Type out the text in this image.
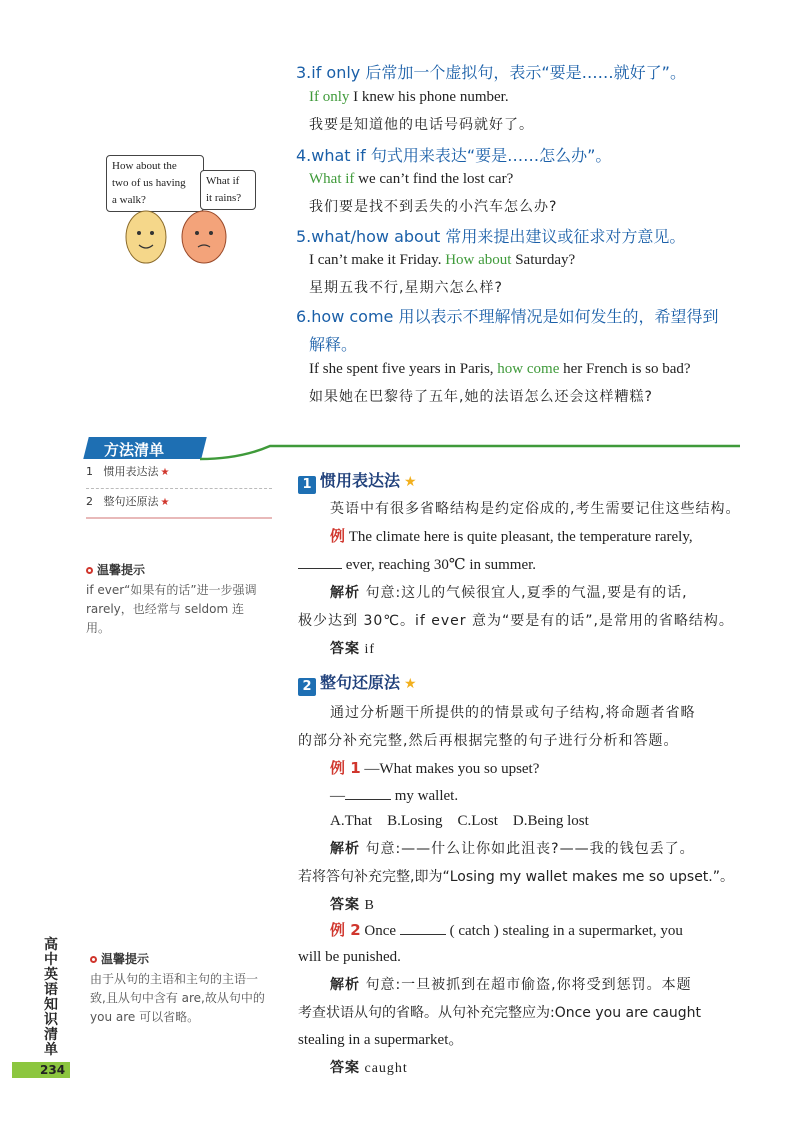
3.if only 后常加一个虚拟句，表示“要是……就好了”。
If only I knew his phone number.
我要是知道他的电话号码就好了。
4.what if 句式用来表达“要是……怎么办”。
What if we can’t find the lost car?
我们要是找不到丢失的小汽车怎么办?
5.what/how about 常用来提出建议或征求对方意见。
I can’t make it Friday. How about Saturday?
星期五我不行,星期六怎么样?
6.how come 用以表示不理解情况是如何发生的，希望得到
解释。
If she spent five years in Paris, how come her French is so bad?
如果她在巴黎待了五年,她的法语怎么还会这样糟糕?
How about the
two of us having
a walk?
What if
it rains?
方法清单
1 惯用表达法 ★
2 整句还原法 ★
温馨提示
if ever“如果有的话”进一步强调 rarely，也经常与 seldom 连用。
温馨提示
由于从句的主语和主句的主语一致,且从句中含有 are,故从句中的 you are 可以省略。
1 惯用表达法 ★
英语中有很多省略结构是约定俗成的,考生需要记住这些结构。
例 The climate here is quite pleasant, the temperature rarely,
ever, reaching 30℃ in summer.
解析 句意:这儿的气候很宜人,夏季的气温,要是有的话,
极少达到 30℃。if ever 意为“要是有的话”,是常用的省略结构。
答案 if
2 整句还原法 ★
通过分析题干所提供的的情景或句子结构,将命题者省略
的部分补充完整,然后再根据完整的句子进行分析和答题。
例 1 —What makes you so upset?
—	my wallet.
A.That    B.Losing    C.Lost    D.Being lost
解析 句意:——什么让你如此沮丧?——我的钱包丢了。
若将答句补充完整,即为“Losing my wallet makes me so upset.”。
答案 B
例 2 Once	( catch ) stealing in a supermarket, you
will be punished.
解析 句意:一旦被抓到在超市偷盗,你将受到惩罚。本题
考查状语从句的省略。从句补充完整应为:Once you are caught
stealing in a supermarket。
答案 caught
高中英语知识清单
234
